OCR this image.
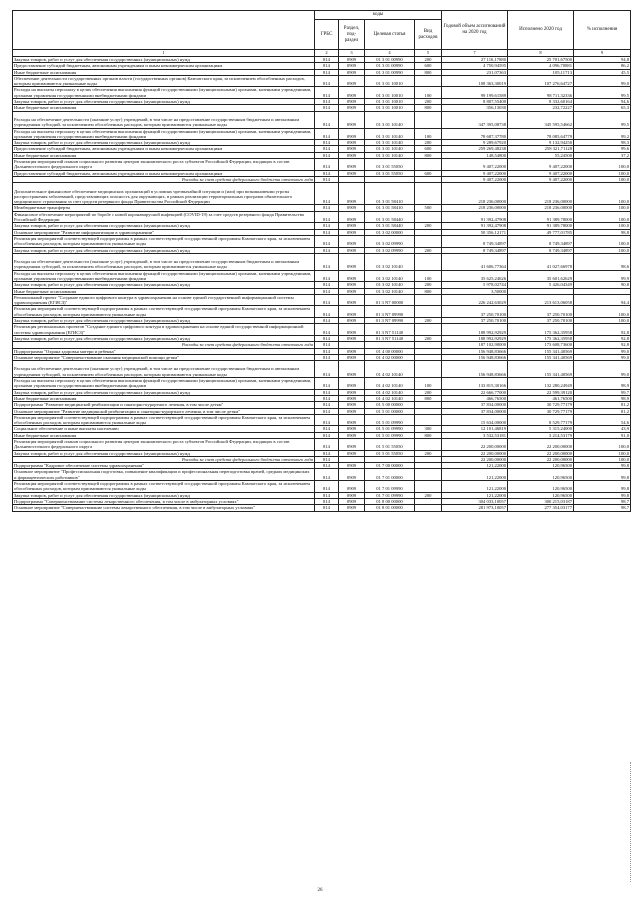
	коды				Годовой объем ассигнований на 2020 год	Исполнено 2020 год	% исполнения
	ГРБС	Раздел, под-раздел	Целевая статья	Вид расходов			
1	2	3	4	5	7	8	9
Закупка товаров, работ и услуг для обеспечения государственных (муниципальных) нужд	814	0909	01 3 01 00990	200	27 116,17880	25 701,67500	94,8
Предоставление субсидий бюджетным, автономным учреждениям и иным некоммерческим организациям	814	0909	01 3 01 00990	600	4 750,94595	4 096,70881	86,2
Иные бюджетные ассигнования	814	0909	01 3 01 00990	800	231,07363	105,11713	45,5
Обеспечение деятельности государственных органов власти (государственных органов) Камчатского края, за исключением обособленных расходов, которым присваиваются уникальные коды	814	0909	01 3 01 10010		108 363,30019	107 276,64727	99,0
Расходы на выплаты персоналу в целях обеспечения выполнения функций государственными (муниципальными) органами, казенными учреждениями, органами управления государственными внебюджетными фондами	814	0909	01 3 01 10010	100	99 199,61589	98 711,32336	99,5
Закупка товаров, работ и услуг для обеспечения государственных (муниципальных) нужд	814	0909	01 3 01 10010	200	8 807,55400	8 332,60164	94,6
Иные бюджетные ассигнования	814	0909	01 3 01 10010	800	356,13030	232,72227	65,3
Расходы на обеспечение деятельности (оказание услуг) учреждений, в том числе на предоставление государственным бюджетным и автономным учреждениям субсидий, за исключением обособленных расходов, которым присваиваются уникальные коды	814	0909	01 3 01 10140		347 395,08738	345 595,54662	99,5
Расходы на выплаты персоналу в целях обеспечения выполнения функций государственными (муниципальными) органами, казенными учреждениями, органами управления государственными внебюджетными фондами	814	0909	01 3 01 10140	100	78 687,37780	78 085,64779	99,2
Закупка товаров, работ и услуг для обеспечения государственных (муниципальных) нужд	814	0909	01 3 01 10140	200	9 289,67920	9 132,94250	98,3
Предоставление субсидий бюджетным, автономным учреждениям и иным некоммерческим организациям	814	0909	01 3 01 10140	600	259 269,48238	258 321,71128	99,6
Иные бюджетные ассигнования	814	0909	01 3 01 10140	800	148,54800	55,24500	37,2
Реализация мероприятий планов социального развития центров экономического роста субъектов Российской Федерации, входящих в состав Дальневосточного федерального округа	814	0909	01 3 01 55050		9 407,22000	9 407,22000	100,0
Предоставление субсидий бюджетным, автономным учреждениям и иным некоммерческим организациям	814	0909	01 3 01 55050	600	9 407,22000	9 407,22000	100,0
Расходы за счет средств федерального бюджета отчетного года	814				9 407,22000	9 407,22000	100,0
Дополнительное финансовое обеспечение медицинских организаций в условиях чрезвычайной ситуации и (или) при возникновении угрозы распространения заболеваний, представляющих опасность для окружающих, в рамках реализации территориальных программ обязательного медицинского страхования за счет средств резервного фонда Правительства Российской Федерации	814	0909	01 3 01 58410		218 236,00000	218 236,00000	100,0
Межбюджетные трансферты	814	0909	01 3 01 58410	500	218 236,00000	218 236,00000	100,0
Финансовое обеспечение мероприятий по борьбе с новой коронавирусной инфекцией (COVID-19) за счет средств резервного фонда Правительства Российской Федерации	814	0909	01 3 01 58440		91 392,47908	91 389,78000	100,0
Закупка товаров, работ и услуг для обеспечения государственных (муниципальных) нужд	814	0909	01 3 01 58440	200	91 392,47908	91 389,78000	100,0
Основное мероприятие "Развитие информатизации в здравоохранении"	814	0909	01 3 02 00000		50 356,12171	49 777,01785	98,8
Реализация мероприятий соответствующей подпрограммы в рамках соответствующей государственной программы Камчатского края, за исключением обособленных расходов, которым присваиваются уникальные коды	814	0909	01 3 02 09990		8 749,34897	8 749,34897	100,0
Закупка товаров, работ и услуг для обеспечения государственных (муниципальных) нужд	814	0909	01 3 02 09990	200	8 749,34897	8 749,34897	100,0
Расходы на обеспечение деятельности (оказание услуг) учреждений, в том числе на предоставление государственным бюджетным и автономным учреждениям субсидий, за исключением обособленных расходов, которым присваиваются уникальные коды	814	0909	01 3 02 10140		41 606,77364	41 027,66978	98,6
Расходы на выплаты персоналу в целях обеспечения выполнения функций государственными (муниципальными) органами, казенными учреждениями, органами управления государственными внебюджетными фондами	814	0909	01 3 02 10140	100	35 625,24626	35 601,62629	99,9
Закупка товаров, работ и услуг для обеспечения государственных (муниципальных) нужд	814	0909	01 3 02 10140	200	5 978,02744	5 426,04349	90,8
Иные бюджетные ассигнования	814	0909	01 3 02 10140	800	3,50000		
Региональный проект "Создание единого цифрового контура в здравоохранении на основе единой государственной информационной системы здравоохранения (ЕГИСЗ)"	814	0909	01 3 N7 00000		226 242,63029	213 613,06058	94,4
Реализация мероприятий соответствующей подпрограммы в рамках соответствующей государственной программы Камчатского края, за исключением обособленных расходов, которым присваиваются уникальные коды	814	0909	01 3 N7 09990		37 250,70100	37 250,70100	100,0
Закупка товаров, работ и услуг для обеспечения государственных (муниципальных) нужд	814	0909	01 3 N7 09990	200	37 250,70100	37 250,70100	100,0
Реализация региональных проектов "Создание единого цифрового контура в здравоохранении на основе единой государственной информационной системы здравоохранения (ЕГИСЗ)"	814	0909	01 3 N7 51140		188 992,92929	175 362,35958	92,8
Закупка товаров, работ и услуг для обеспечения государственных (муниципальных) нужд	814	0909	01 3 N7 51140	200	188 992,92929	175 362,35958	92,8
Расходы за счет средств федерального бюджета отчетного года	814				187 102,90000	173 608,73600	92,8
Подпрограмма "Охрана здоровья матери и ребенка"	814	0909	01 4 00 00000		156 948,83666	155 341,40569	99,0
Основное мероприятие "Совершенствование оказания медицинской помощи детям"	814	0909	01 4 02 00000		156 948,83666	155 341,40569	99,0
Расходы на обеспечение деятельности (оказание услуг) учреждений, в том числе на предоставление государственным бюджетным и автономным учреждениям субсидий, за исключением обособленных расходов, которым присваиваются уникальные коды	814	0909	01 4 02 10140		156 948,83666	155 341,40569	99,0
Расходы на выплаты персоналу в целях обеспечения выполнения функций государственными (муниципальными) органами, казенными учреждениями, органами управления государственными внебюджетными фондами	814	0909	01 4 02 10140	100	133 815,30166	132 280,24949	98,9
Закупка товаров, работ и услуг для обеспечения государственных (муниципальных) нужд	814	0909	01 4 02 10140	200	22 666,77000	22 599,39120	99,7
Иные бюджетные ассигнования	814	0909	01 4 02 10140	800	466,76500	461,76500	98,9
Подпрограмма "Развитие медицинской реабилитации и санаторно-курортного лечения, в том числе детям"	814	0909	01 5 00 00000		37 834,00000	30 729,77179	81,2
Основное мероприятие "Развитие медицинской реабилитации и санаторно-курортного лечения, в том числе детям"	814	0909	01 5 01 00000		37 834,00000	30 729,77179	81,2
Реализация мероприятий соответствующей подпрограммы в рамках соответствующей государственной программы Камчатского края, за исключением обособленных расходов, которым присваиваются уникальные коды	814	0909	01 5 01 09990		15 634,00000	8 529,77179	54,6
Социальное обеспечение и иные выплаты населению	814	0909	01 5 01 09990	300	12 101,46819	5 315,24000	43,9
Иные бюджетные ассигнования	814	0909	01 5 01 09990	800	3 532,53181	3 214,53179	91,0
Реализация мероприятий планов социального развития центров экономического роста субъектов Российской Федерации, входящих в состав Дальневосточного федерального округа	814	0909	01 5 01 55050		22 200,00000	22 200,00000	100,0
Закупка товаров, работ и услуг для обеспечения государственных (муниципальных) нужд	814	0909	01 5 01 55050	200	22 200,00000	22 200,00000	100,0
Расходы за счет средств федерального бюджета отчетного года	814				22 200,00000	22 200,00000	100,0
Подпрограмма "Кадровое обеспечение системы здравоохранения"	814	0909	01 7 00 00000		121,22000	120,96500	99,8
Основное мероприятие "Профессиональная подготовка, повышение квалификации и профессиональная переподготовка врачей, средних медицинских и фармацевтических работников"	814	0909	01 7 01 00000		121,22000	120,96500	99,8
Реализация мероприятий соответствующей подпрограммы в рамках соответствующей государственной программы Камчатского края, за исключением обособленных расходов, которым присваиваются уникальные коды	814	0909	01 7 01 09990		121,22000	120,96500	99,8
Закупка товаров, работ и услуг для обеспечения государственных (муниципальных) нужд	814	0909	01 7 01 09990	200	121,22000	120,96500	99,8
Подпрограмма "Совершенствование системы лекарственного обеспечения, в том числе в амбулаторных условиях"	814	0909	01 8 00 00000		304 033,10057	300 215,03187	98,7
Основное мероприятие "Совершенствование системы лекарственного обеспечения, в том числе в амбулаторных условиях"	814	0909	01 8 01 00000		281 973,10057	277 354,03177	98,7
26
